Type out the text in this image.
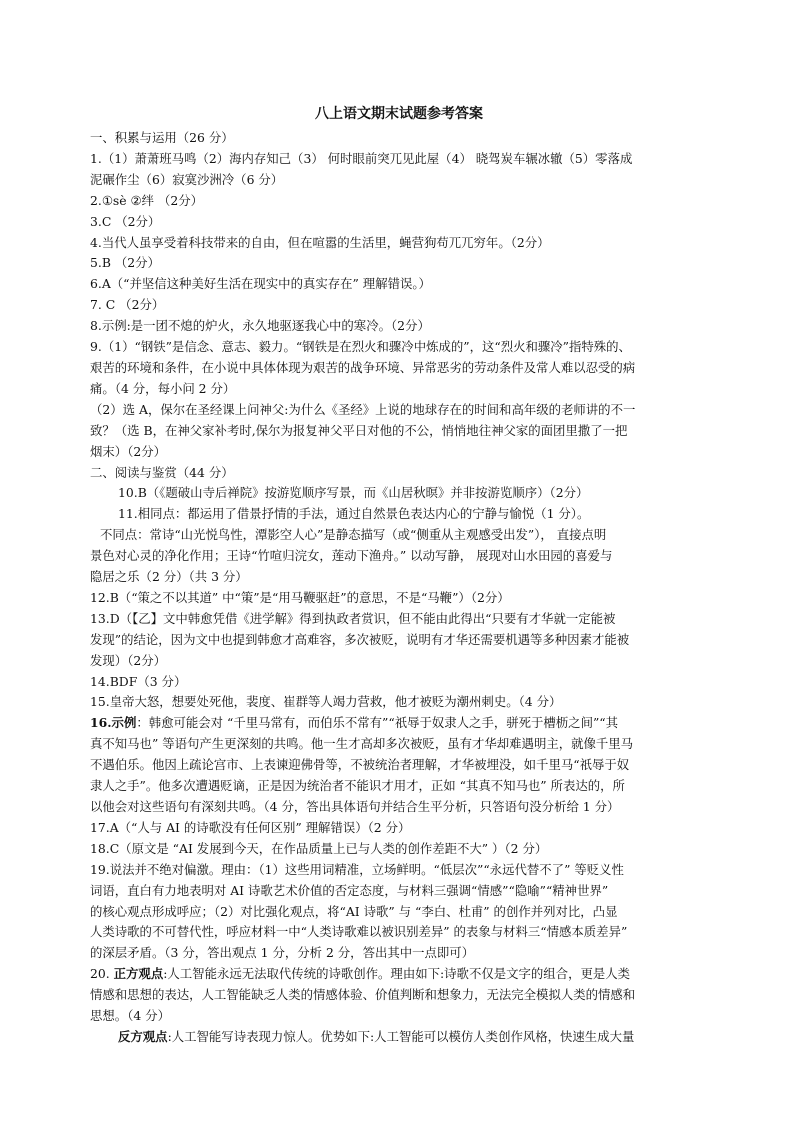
八上语文期末试题参考答案

一、积累与运用（26 分）

1.（1）萧萧班马鸣（2）海内存知己（3） 何时眼前突兀见此屋（4） 晓驾炭车辗冰辙（5）零落成

泥碾作尘（6）寂寞沙洲冷（6 分）

2.①sè ②绊 （2分）

3.C （2分）

4.当代人虽享受着科技带来的自由，但在喧嚣的生活里，蝇营狗苟兀兀穷年。（2分）

5.B （2分）

6.A（“并坚信这种美好生活在现实中的真实存在” 理解错误。）

7. C （2分）

8.示例:是一团不熄的炉火，永久地驱逐我心中的寒冷。（2分）

9.（1）“钢铁”是信念、意志、毅力。“钢铁是在烈火和骤冷中炼成的”，这“烈火和骤冷”指特殊的、

艰苦的环境和条件，在小说中具体体现为艰苦的战争环境、异常恶劣的劳动条件及常人难以忍受的病

痛。（4 分，每小问 2 分）

（2）选 A，保尔在圣经课上问神父:为什么《圣经》上说的地球存在的时间和高年级的老师讲的不一

致？（选 B，在神父家补考时,保尔为报复神父平日对他的不公，悄悄地往神父家的面团里撒了一把

烟末）（2分）

二、阅读与鉴赏（44 分）

10.B（《题破山寺后禅院》按游览顺序写景，而《山居秋暝》并非按游览顺序）（2分）

11.相同点：都运用了借景抒情的手法，通过自然景色表达内心的宁静与愉悦（1 分）。

不同点：常诗“山光悦鸟性，潭影空人心”是静态描写（或“侧重从主观感受出发”）， 直接点明

景色对心灵的净化作用；王诗“竹喧归浣女，莲动下渔舟。” 以动写静， 展现对山水田园的喜爱与

隐居之乐（2 分）（共 3 分）

12.B（“策之不以其道” 中“策”是“用马鞭驱赶”的意思，不是“马鞭”）（2分）

13.D（【乙】文中韩愈凭借《进学解》得到执政者赏识，但不能由此得出“只要有才华就一定能被

发现”的结论，因为文中也提到韩愈才高难容，多次被贬，说明有才华还需要机遇等多种因素才能被

发现）（2分）

14.BDF（3 分）

15.皇帝大怒，想要处死他，裴度、崔群等人竭力营救，他才被贬为潮州刺史。（4 分）

16.示例：韩愈可能会对 “千里马常有，而伯乐不常有”“祇辱于奴隶人之手，骈死于槽枥之间”“其

真不知马也” 等语句产生更深刻的共鸣。他一生才高却多次被贬，虽有才华却难遇明主，就像千里马

不遇伯乐。他因上疏论宫市、上表谏迎佛骨等，不被统治者理解，才华被埋没，如千里马“祇辱于奴

隶人之手”。他多次遭遇贬谪，正是因为统治者不能识才用才，正如 “其真不知马也” 所表达的，所

以他会对这些语句有深刻共鸣。（4 分，答出具体语句并结合生平分析，只答语句没分析给 1 分）

17.A（“人与 AI 的诗歌没有任何区别” 理解错误）（2 分）

18.C（原文是 “AI 发展到今天，在作品质量上已与人类的创作差距不大” ）（2 分）

19.说法并不绝对偏激。理由：（1）这些用词精准，立场鲜明。“低层次”“永远代替不了” 等贬义性

词语，直白有力地表明对 AI 诗歌艺术价值的否定态度，与材料三强调“情感”“隐喻”“精神世界”

的核心观点形成呼应；（2）对比强化观点，将“AI 诗歌” 与 “李白、杜甫” 的创作并列对比，凸显

人类诗歌的不可替代性，呼应材料一中“人类诗歌难以被识别差异” 的表象与材料三“情感本质差异”

的深层矛盾。（3 分，答出观点 1 分，分析 2 分，答出其中一点即可）

20. 正方观点:人工智能永远无法取代传统的诗歌创作。理由如下:诗歌不仅是文字的组合，更是人类

情感和思想的表达，人工智能缺乏人类的情感体验、价值判断和想象力，无法完全模拟人类的情感和

思想。（4 分）

反方观点:人工智能写诗表现力惊人。优势如下:人工智能可以模仿人类创作风格，快速生成大量
